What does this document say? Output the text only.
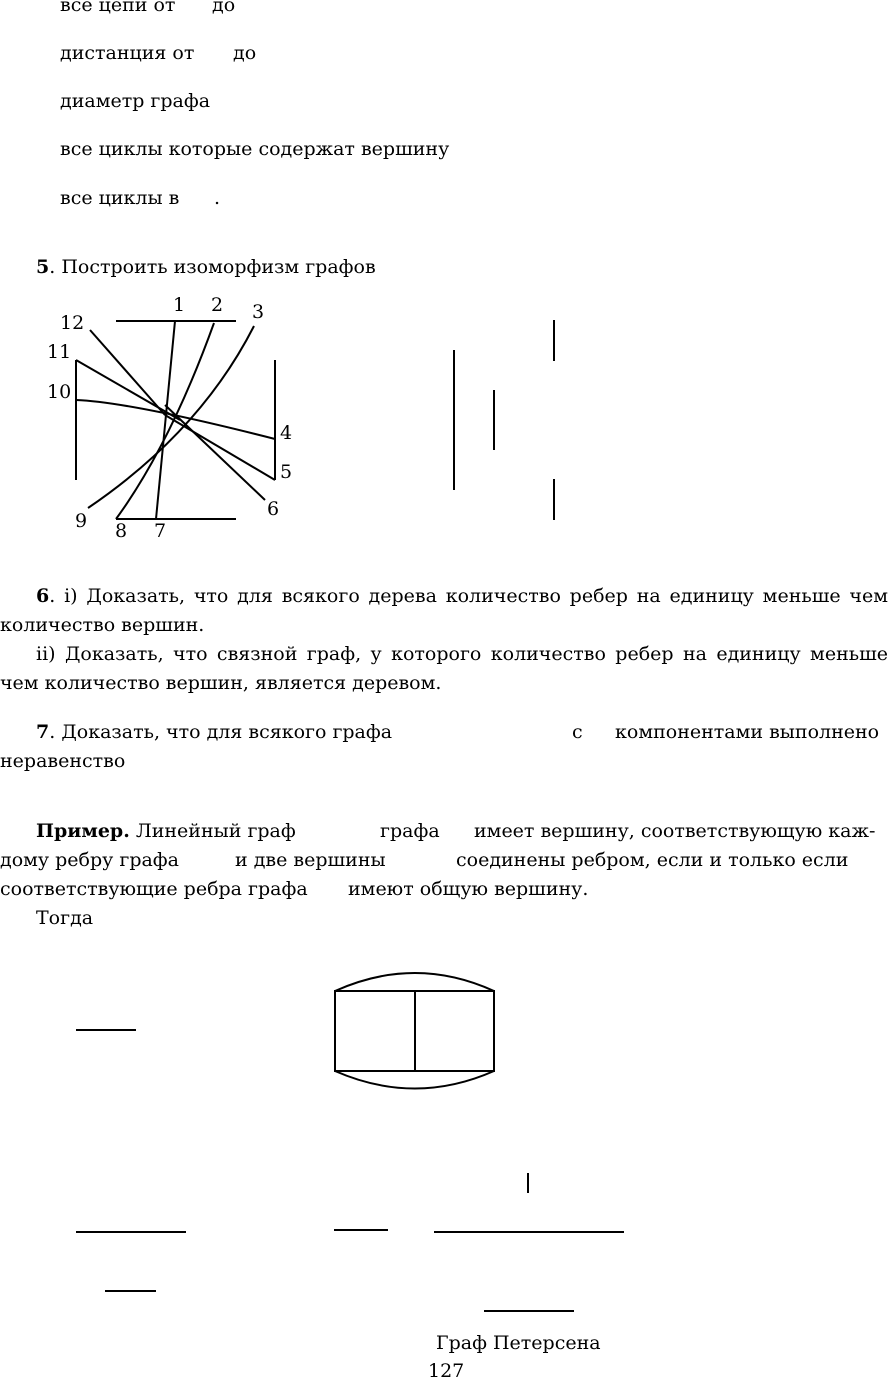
все цепи от до
дистанция от до
диаметр графа
все циклы которые содержат вершину
все циклы в .
5. Построить изоморфизм графов
1 2 3
4
5
6
7
8
9
10
11
12
6. i) Доказать, что для всякого дерева количество ребер на единицу меньше чем
количество вершин.
ii) Доказать, что связной граф, у которого количество ребер на единицу меньше
чем количество вершин, является деревом.
7. Доказать, что для всякого графа	с компонентами выполнено
неравенство
Пример. Линейный граф	графа имеет вершину, соответствующую каж-
дому ребру графа	и две вершины	соединены ребром, если и только если
соответствующие ребра графа имеют общую вершину.
Тогда
Граф Петерсена
127
